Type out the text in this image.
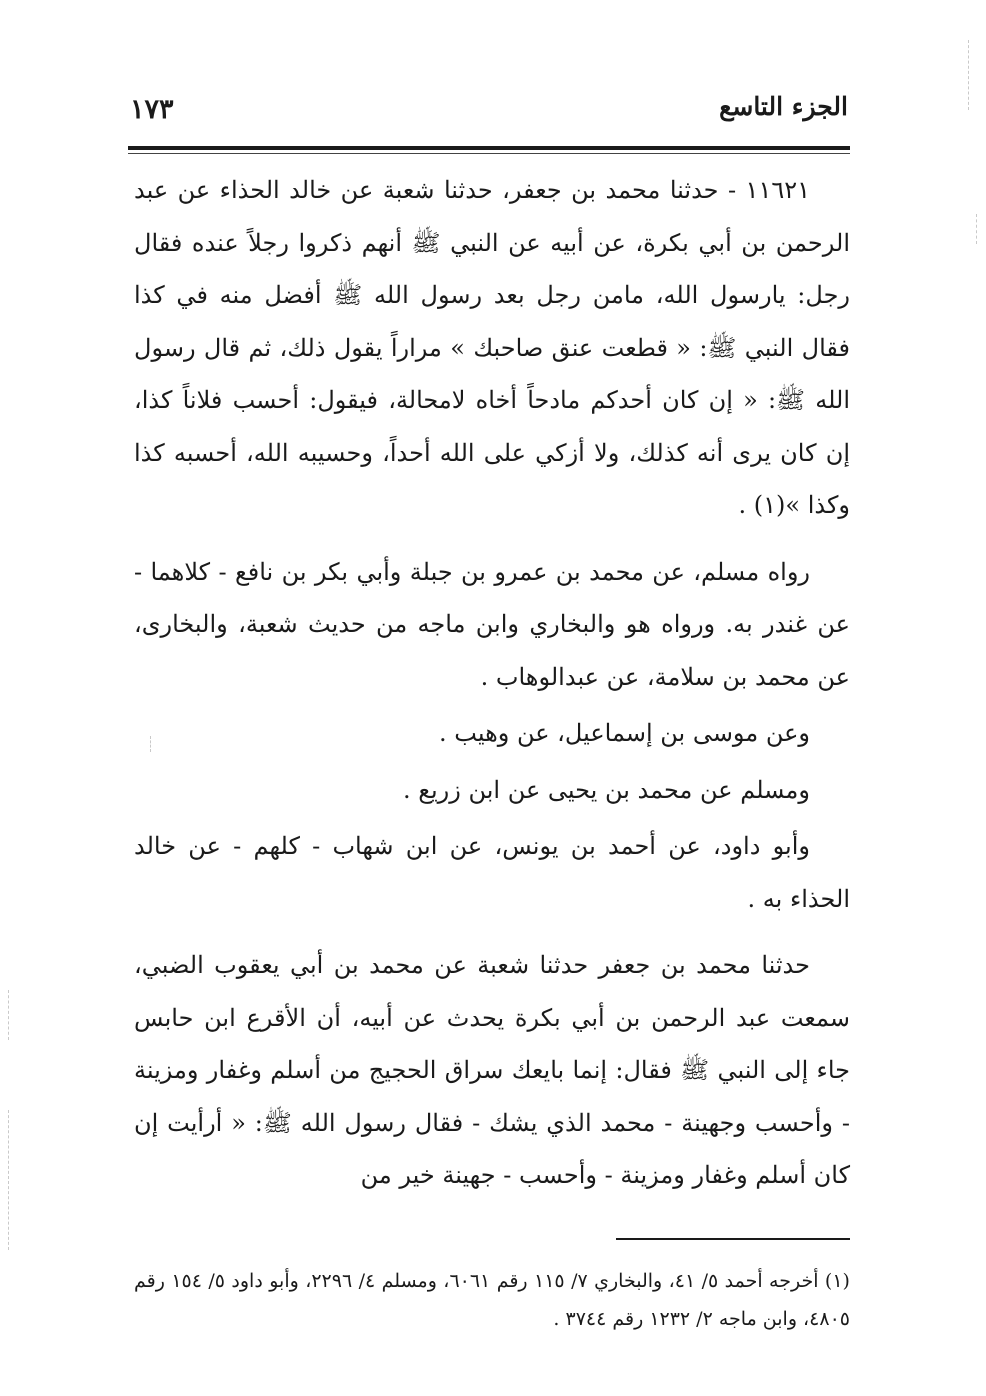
الجزء التاسع
١٧٣

١١٦٢١ - حدثنا محمد بن جعفر، حدثنا شعبة عن خالد الحذاء عن عبد الرحمن بن أبي بكرة، عن أبيه عن النبي ﷺ أنهم ذكروا رجلاً عنده فقال رجل: يارسول الله، مامن رجل بعد رسول الله ﷺ أفضل منه في كذا فقال النبي ﷺ: « قطعت عنق صاحبك » مراراً يقول ذلك، ثم قال رسول الله ﷺ: « إن كان أحدكم مادحاً أخاه لامحالة، فيقول: أحسب فلاناً كذا، إن كان يرى أنه كذلك، ولا أزكي على الله أحداً، وحسيبه الله، أحسبه كذا وكذا »(١) .

رواه مسلم، عن محمد بن عمرو بن جبلة وأبي بكر بن نافع - كلاهما - عن غندر به. ورواه هو والبخاري وابن ماجه من حديث شعبة، والبخارى، عن محمد بن سلامة، عن عبدالوهاب .

وعن موسى بن إسماعيل، عن وهيب .

ومسلم عن محمد بن يحيى عن ابن زريع .

وأبو داود، عن أحمد بن يونس، عن ابن شهاب - كلهم - عن خالد الحذاء به .

حدثنا محمد بن جعفر حدثنا شعبة عن محمد بن أبي يعقوب الضبي، سمعت عبد الرحمن بن أبي بكرة يحدث عن أبيه، أن الأقرع ابن حابس جاء إلى النبي ﷺ فقال: إنما بايعك سراق الحجيج من أسلم وغفار ومزينة - وأحسب وجهينة - محمد الذي يشك - فقال رسول الله ﷺ: « أرأيت إن كان أسلم وغفار ومزينة - وأحسب - جهينة خير من

(١) أخرجه أحمد ٥/ ٤١، والبخاري ٧/ ١١٥ رقم ٦٠٦١، ومسلم ٤/ ٢٢٩٦، وأبو داود ٥/ ١٥٤ رقم ٤٨٠٥، وابن ماجه ٢/ ١٢٣٢ رقم ٣٧٤٤ .
